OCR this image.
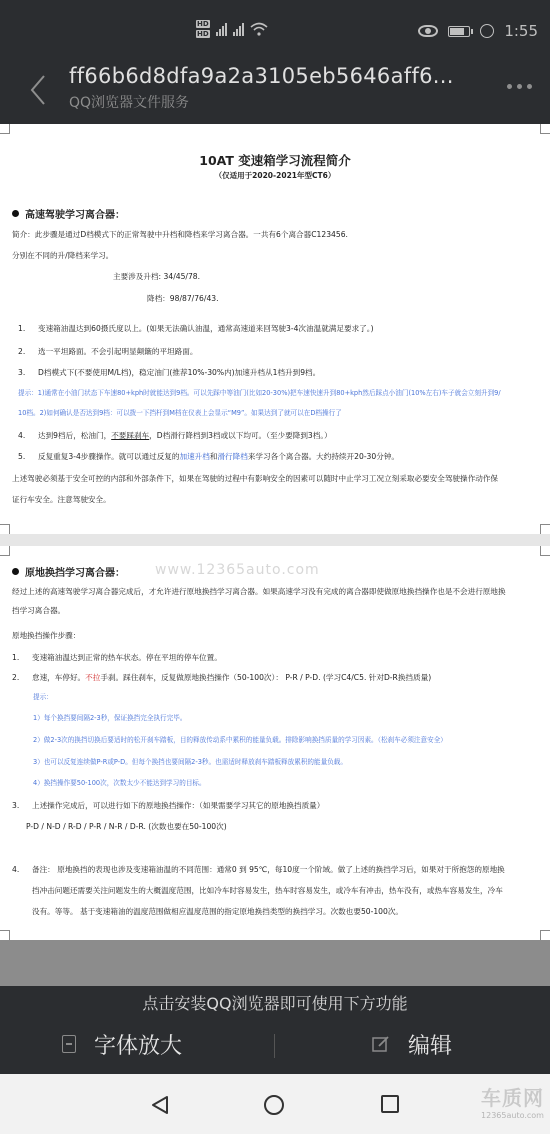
HD
HD	1:55
ff66b6d8dfa9a2a3105eb5646aff6...
QQ浏览器文件服务
10AT 变速箱学习流程简介
（仅适用于2020-2021年型CT6）
高速驾驶学习离合器：
简介：此步骤是通过D档模式下的正常驾驶中升档和降档来学习离合器。一共有6个离合器C123456.
分别在不同的升/降档来学习。
主要涉及升档: 34/45/78.
降档：98/87/76/43.
1. 变速箱油温达到60摄氏度以上。(如果无法确认油温，通常高速道来回驾驶3-4次油温就满足要求了。)
2. 选一平坦路面。不会引起明显颠簸的平坦路面。
3. D档模式下(不要使用M/L档)，稳定油门(推荐10%-30%内)加速升档从1档升到9档。
提示：1)通常在小油门状态下车速80+kph时就能达到9档。可以先踩中等油门(比如20-30%)把车速快速升到80+kph然后踩点小油门(10%左右)车子就会立刻升到9/
10档。2)如何确认是否达到9档：可以拨一下挡杆到M档在仪表上会显示“M9”。如果达到了就可以在D档操行了
4. 达到9档后，松油门，不要踩刹车，D档滑行降档到3档或以下均可。（至少要降到3档。）
5. 反复重复3-4步骤操作。就可以通过反复的加速升档和滑行降档来学习各个离合器。大约持续开20-30分钟。
上述驾驶必须基于安全可控的内部和外部条件下，如果在驾驶的过程中有影响安全的因素可以随时中止学习工况立刻采取必要安全驾驶操作动作保
证行车安全。注意驾驶安全。
www.12365auto.com
原地换挡学习离合器：
经过上述的高速驾驶学习离合器完成后，才允许进行原地换挡学习离合器。如果高速学习没有完成的离合器即使做原地换挡操作也是不会进行原地换
挡学习离合器。
原地换挡操作步骤：
1. 变速箱油温达到正常的热车状态。停在平坦的停车位置。
2. 怠速，车停好。不拉手刹。踩住刹车，反复做原地换挡操作（50-100次）： P-R / P-D. (学习C4/C5. 针对D-R换挡质量)
提示：
1）每个换挡要间隔2-3秒，保证换挡完全执行完毕。
2）做2-3次的换挡切换后要适时的松开刹车踏板，目的释放传动系中累积的能量负载。排除影响换挡质量的学习因素。（松刹车必须注意安全）
3）也可以反复连续做P-R或P-D。但每个换挡也要间隔2-3秒。也需适时释放刹车踏板释放累积的能量负载。
4）换挡操作要50-100次，次数太少不能达到学习的目标。
3. 上述操作完成后，可以进行如下的原地换挡操作：（如果需要学习其它的原地换挡质量）
P-D / N-D / R-D / P-R / N-R / D-R. (次数也要在50-100次)
4. 备注： 原地换挡的表现也涉及变速箱油温的不同范围：通常0 到 95℃，每10度一个阶域。做了上述的换挡学习后，如果对于所抱怨的原地换
挡冲击问题还需要关注问题发生的大概温度范围，比如冷车时容易发生，热车时容易发生，或冷车有冲击，热车没有，或热车容易发生，冷车
没有。等等。 基于变速箱油的温度范围做相应温度范围的指定原地换挡类型的换挡学习。次数也要50-100次。
点击安装QQ浏览器即可使用下方功能
字体放大	编辑
车质网
12365auto.com
